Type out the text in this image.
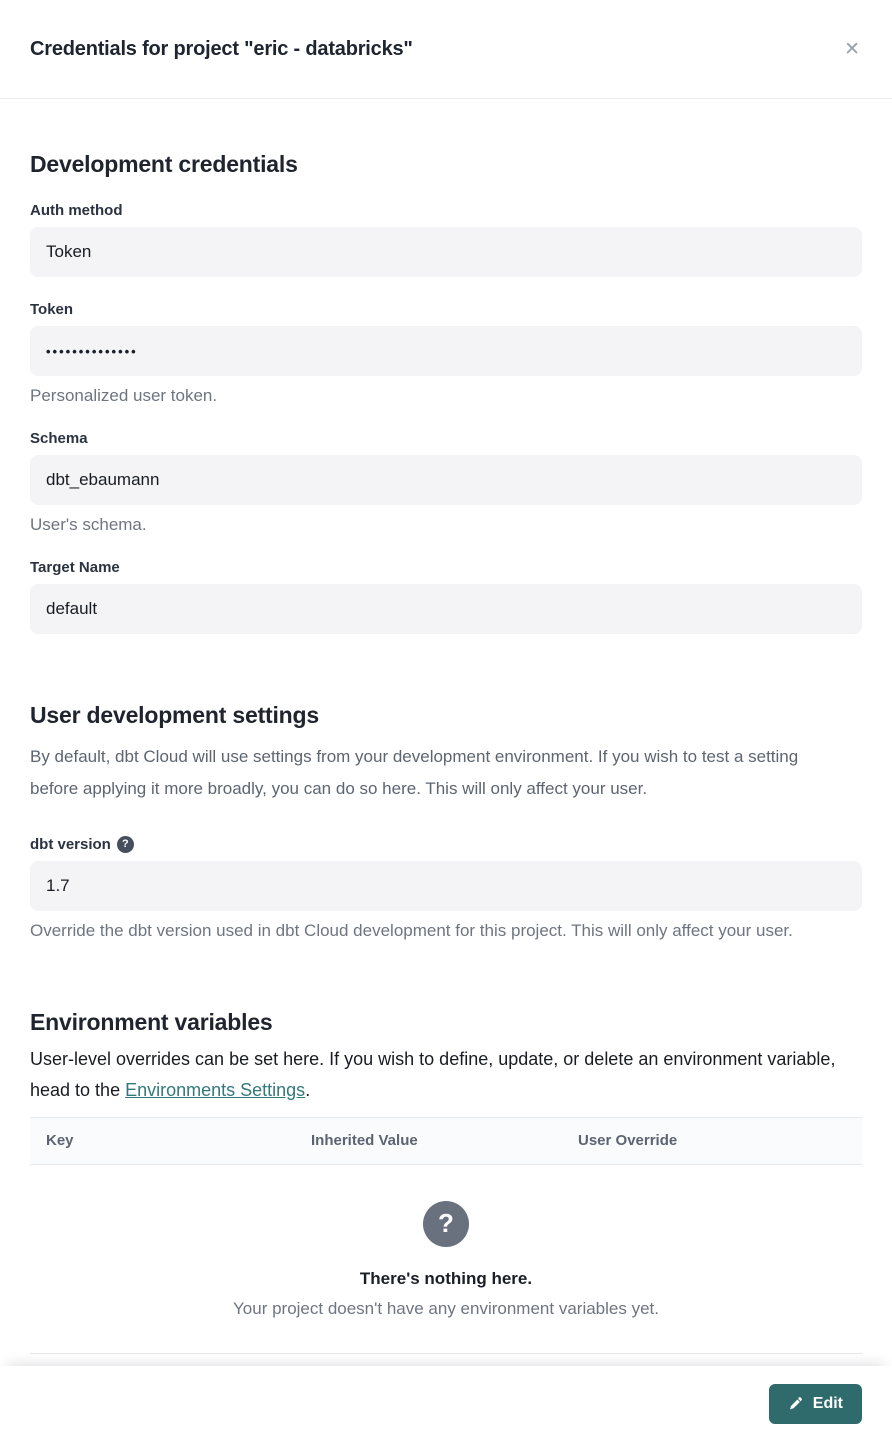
Credentials for project "eric - databricks"	✕
Development credentials
Auth method
Token
Token
••••••••••••••
Personalized user token.
Schema
dbt_ebaumann
User's schema.
Target Name
default
User development settings

By default, dbt Cloud will use settings from your development environment. If you wish to test a setting before applying it more broadly, you can do so here. This will only affect your user.

dbt version	?
1.7
Override the dbt version used in dbt Cloud development for this project. This will only affect your user.
Environment variables

User-level overrides can be set here. If you wish to define, update, or delete an environment variable, head to the Environments Settings.

Key	Inherited Value	User Override
?
There's nothing here.
Your project doesn't have any environment variables yet.
Edit
